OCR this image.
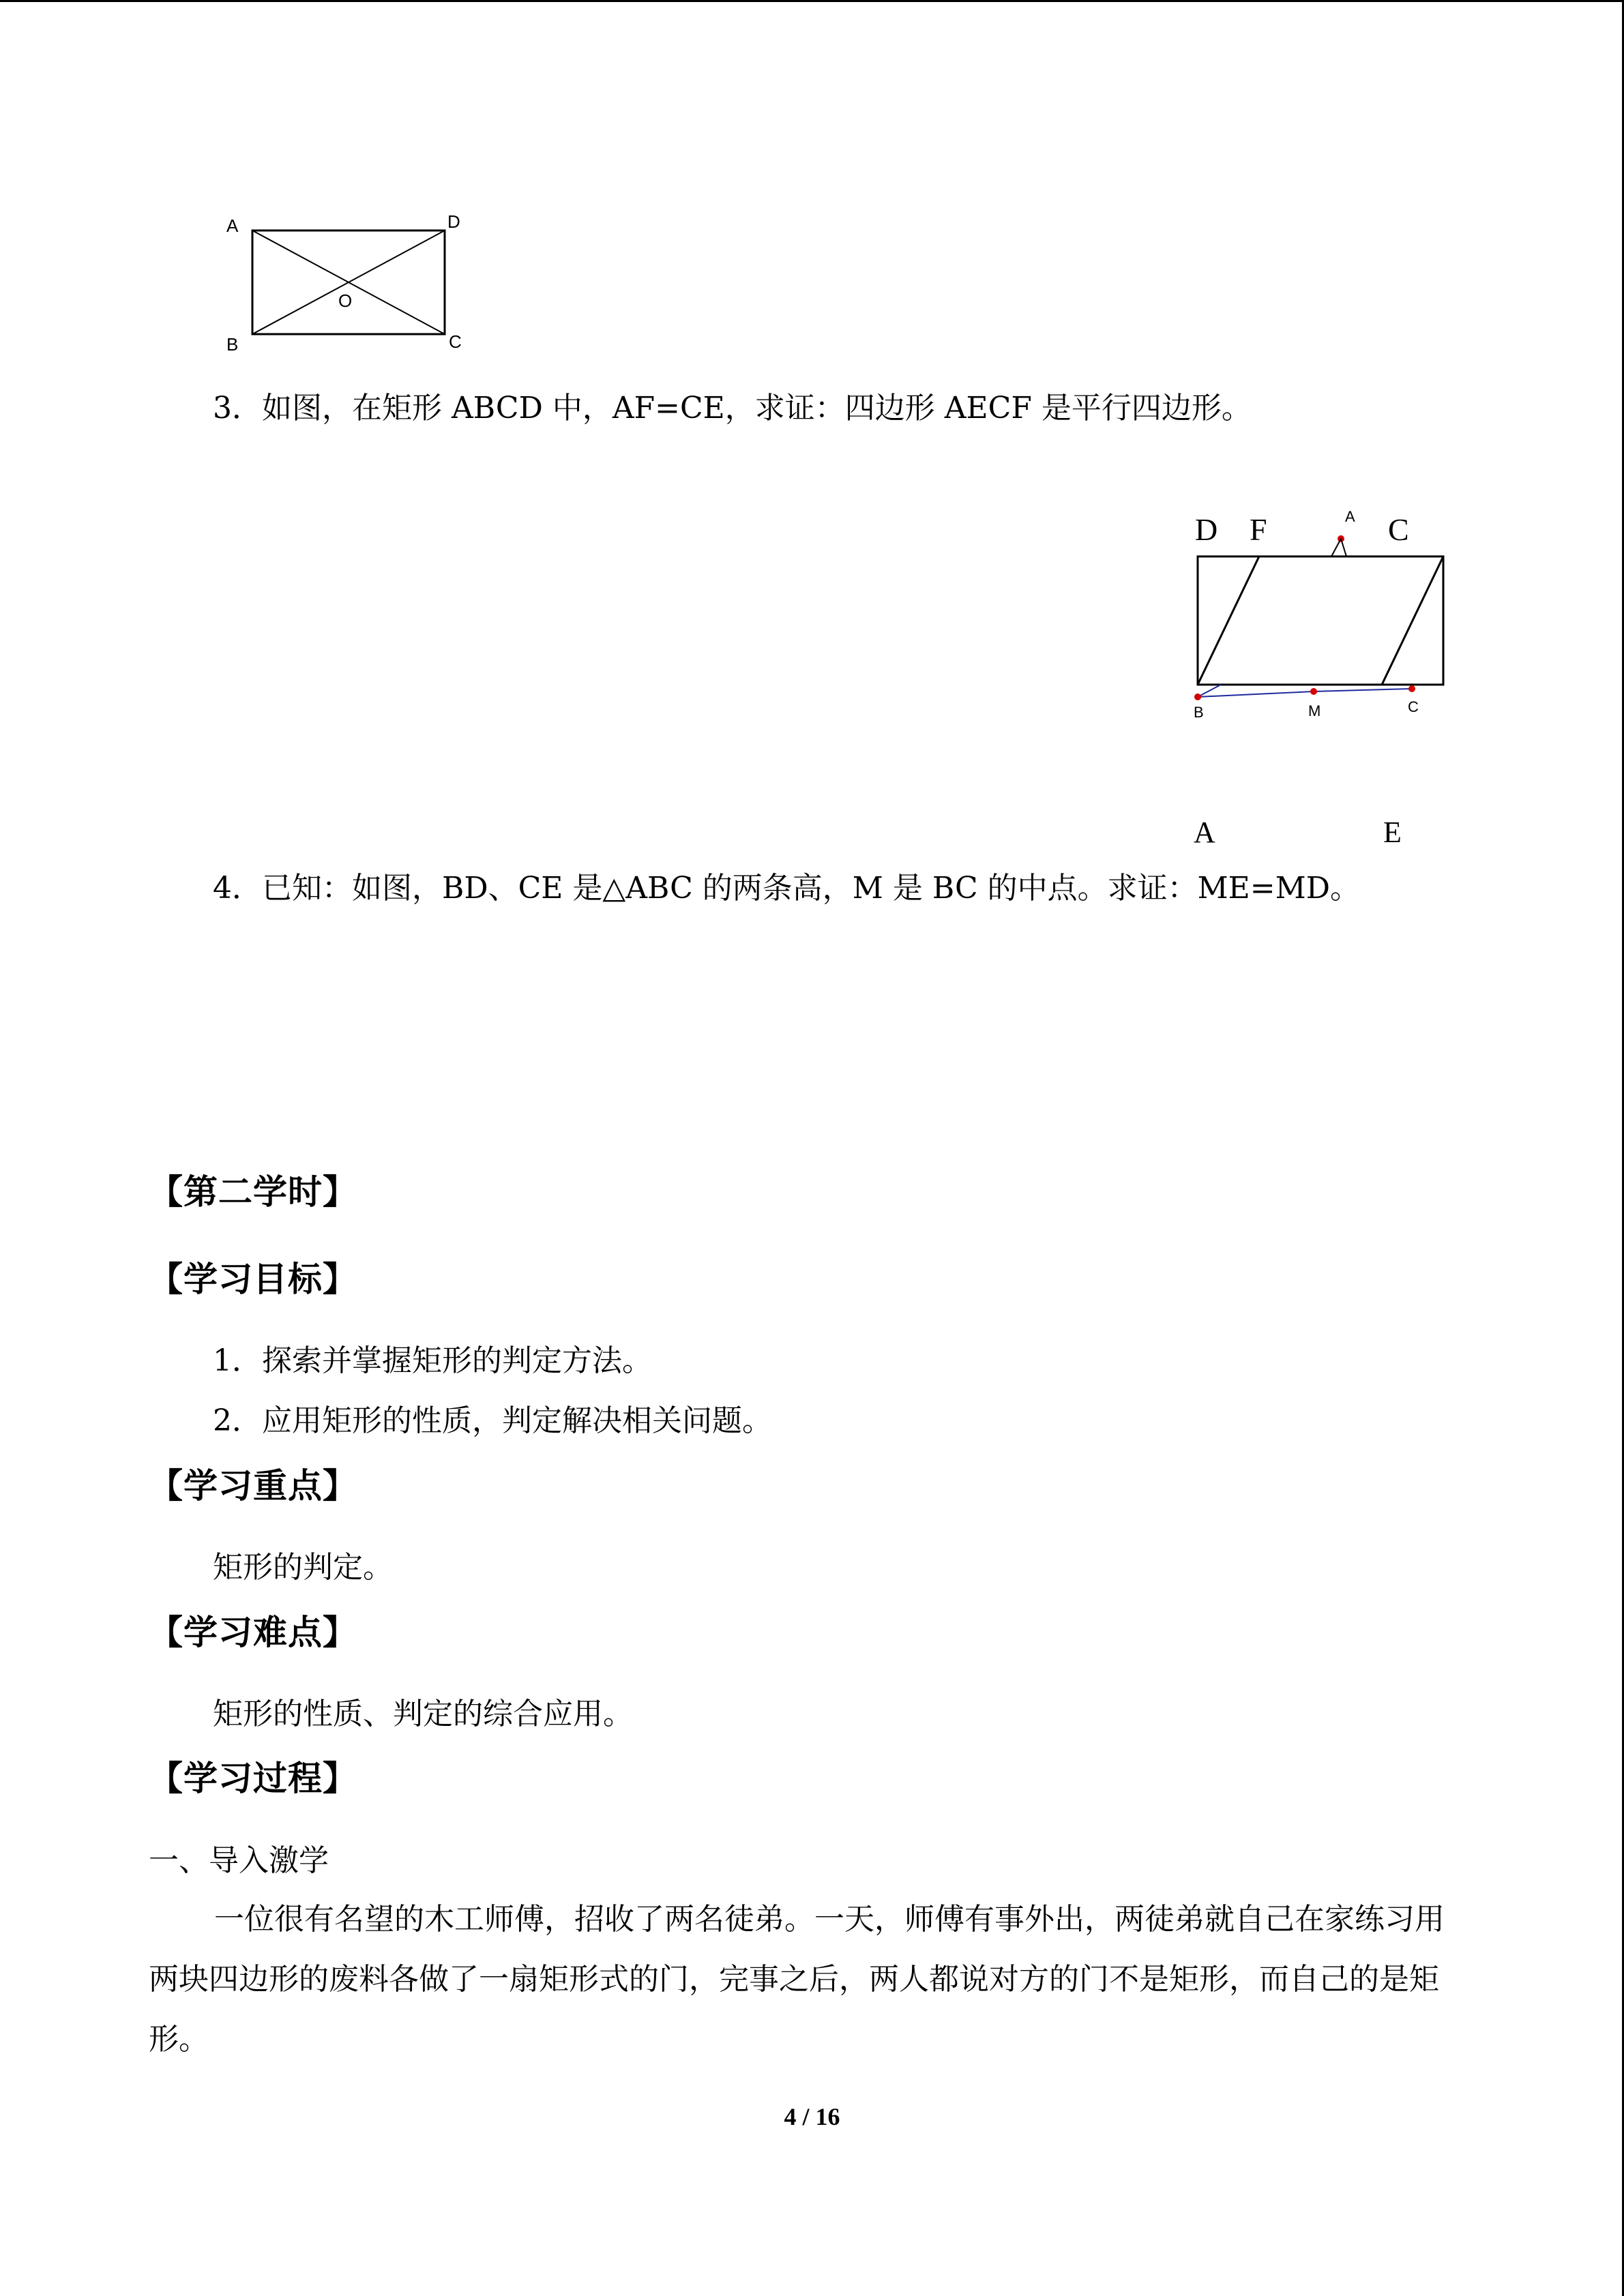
A	D
B	C
O
3．如图，在矩形 ABCD 中，AF=CE，求证：四边形 AECF 是平行四边形。
D F	C
A
B	M	C
A	E
4．已知：如图，BD、CE 是△ABC 的两条高，M 是 BC 的中点。求证：ME=MD。
【第二学时】
【学习目标】
1．探索并掌握矩形的判定方法。
2．应用矩形的性质，判定解决相关问题。
【学习重点】
矩形的判定。
【学习难点】
矩形的性质、判定的综合应用。
【学习过程】
一、导入激学
一位很有名望的木工师傅，招收了两名徒弟。一天，师傅有事外出，两徒弟就自己在家练习用两块四边形的废料各做了一扇矩形式的门，完事之后，两人都说对方的门不是矩形，而自己的是矩形。
4 / 16
